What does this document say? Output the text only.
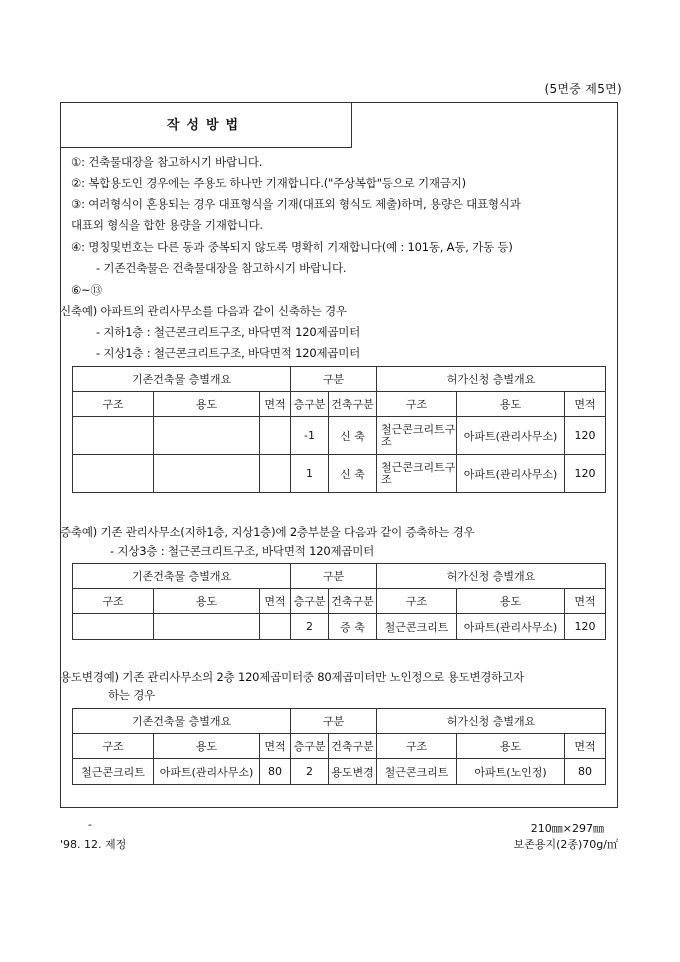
(5면중 제5면)
작성방법
①: 건축물대장을 참고하시기 바랍니다.
②: 복합용도인 경우에는 주용도 하나만 기재합니다.("주상복합"등으로 기재금지)
③: 여러형식이 혼용되는 경우 대표형식을 기재(대표외 형식도 제출)하며, 용량은 대표형식과
대표외 형식을 합한 용량을 기재합니다.
④: 명칭및번호는 다른 동과 중복되지 않도록 명확히 기재합니다(예 : 101동, A동, 가동 등)
- 기존건축물은 건축물대장을 참고하시기 바랍니다.
⑥~⑬
신축예) 아파트의 관리사무소를 다음과 같이 신축하는 경우
- 지하1층 : 철근콘크리트구조, 바닥면적 120제곱미터
- 지상1층 : 철근콘크리트구조, 바닥면적 120제곱미터
기존건축물 층별개요			구분		허가신청 층별개요		
구조	용도	면적	층구분	건축구분	구조	용도	면적
			-1	신 축	철근콘크리트구조	아파트(관리사무소)	120
			1	신 축	철근콘크리트구조	아파트(관리사무소)	120
증축예) 기존 관리사무소(지하1층, 지상1층)에 2층부분을 다음과 같이 증축하는 경우
- 지상3층 : 철근콘크리트구조, 바닥면적 120제곱미터
기존건축물 층별개요			구분		허가신청 층별개요		
구조	용도	면적	층구분	건축구분	구조	용도	면적
			2	증 축	철근콘크리트	아파트(관리사무소)	120
용도변경예) 기존 관리사무소의 2층 120제곱미터중 80제곱미터만 노인정으로 용도변경하고자
하는 경우
기존건축물 층별개요			구분		허가신청 층별개요		
구조	용도	면적	층구분	건축구분	구조	용도	면적
철근콘크리트	아파트(관리사무소)	80	2	용도변경	철근콘크리트	아파트(노인정)	80
-
'98. 12. 제정
210㎜×297㎜
보존용지(2종)70g/㎡
